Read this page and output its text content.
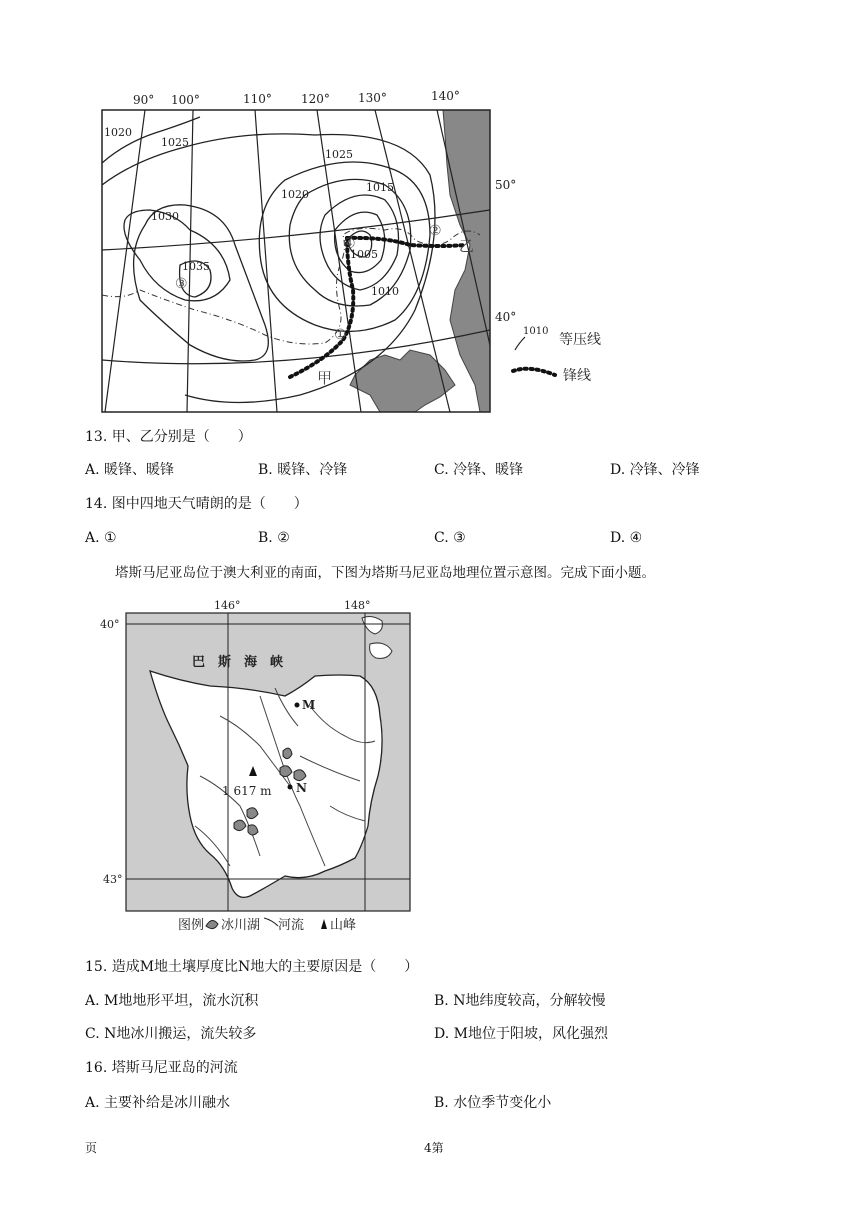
90° 100°	110° 120° 130°	140°
50°
40°
1020
1025
1025
1020
1015
1030
1035
1005
1010
①
②
③
④
甲
乙
1010
等压线
锋线
13. 甲、乙分别是（　　）
A. 暖锋、暖锋	B. 暖锋、冷锋	C. 冷锋、暖锋	D. 冷锋、冷锋
14. 图中四地天气晴朗的是（　　）
A. ①	B. ②	C. ③	D. ④
塔斯马尼亚岛位于澳大利亚的南面，下图为塔斯马尼亚岛地理位置示意图。完成下面小题。
1 617 m
M
N
巴　斯　海　峡
146°	148°
40°
43°
图例 冰川湖 河流 山峰
15. 造成M地土壤厚度比N地大的主要原因是（　　）
A. M地地形平坦，流水沉积	B. N地纬度较高，分解较慢
C. N地冰川搬运，流失较多	D. M地位于阳坡，风化强烈
16. 塔斯马尼亚岛的河流
A. 主要补给是冰川融水	B. 水位季节变化小
页	4第
